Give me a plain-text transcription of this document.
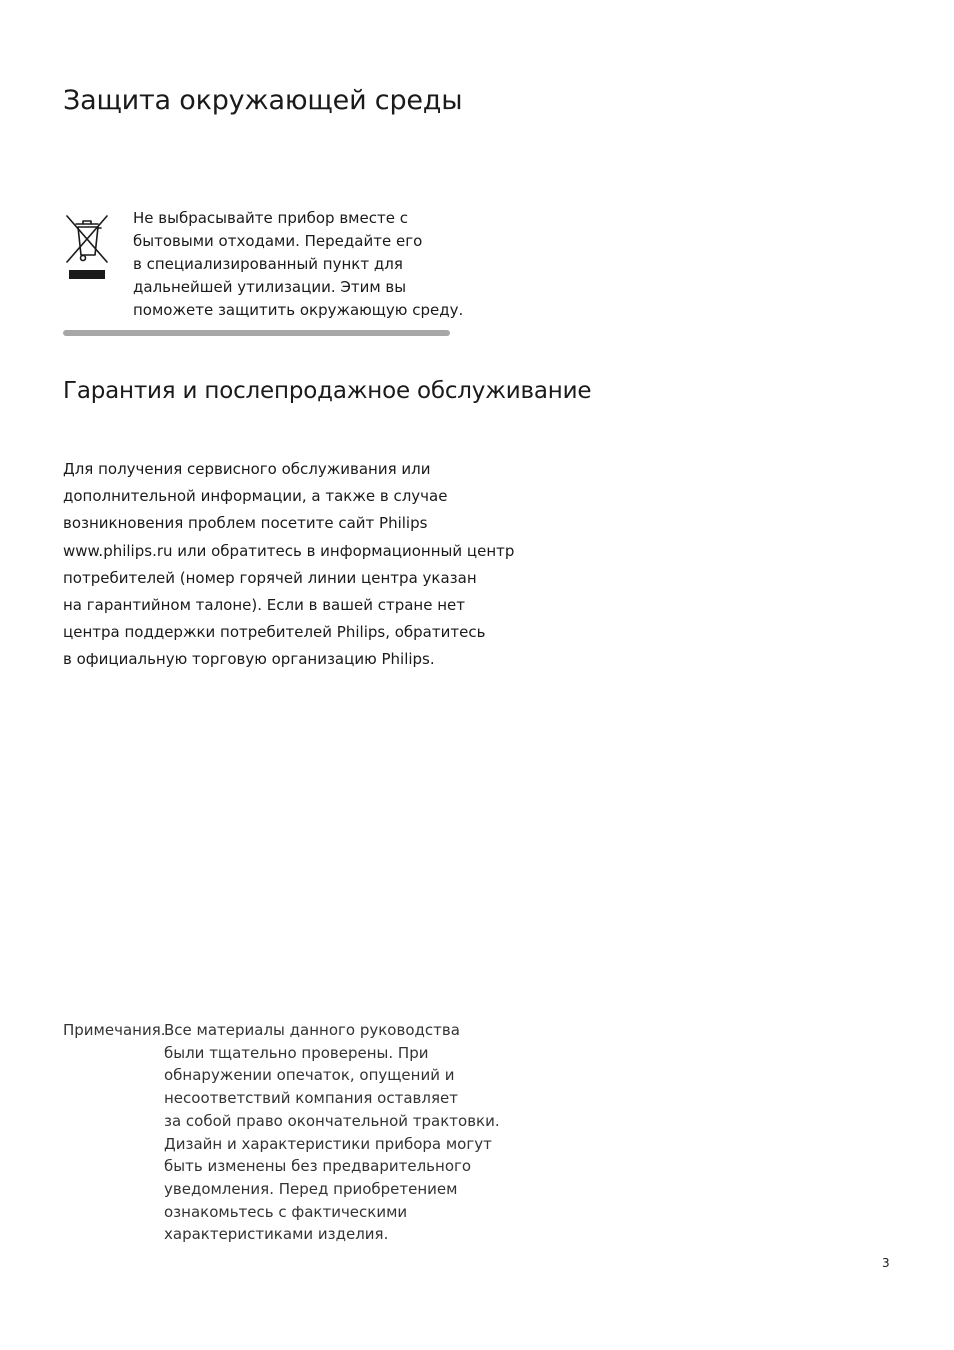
Защита окружающей среды
Не выбрасывайте прибор вместе с
бытовыми отходами. Передайте его
в специализированный пункт для
дальнейшей утилизации. Этим вы
поможете защитить окружающую среду.
Гарантия и послепродажное обслуживание
Для получения сервисного обслуживания или
дополнительной информации, а также в случае
возникновения проблем посетите сайт Philips
www.philips.ru или обратитесь в информационный центр
потребителей (номер горячей линии центра указан
на гарантийном талоне). Если в вашей стране нет
центра поддержки потребителей Philips, обратитесь
в официальную торговую организацию Philips.
Примечания.
Все материалы данного руководства
были тщательно проверены. При
обнаружении опечаток, опущений и
несоответствий компания оставляет
за собой право окончательной трактовки.
Дизайн и характеристики прибора могут
быть изменены без предварительного
уведомления. Перед приобретением
ознакомьтесь с фактическими
характеристиками изделия.
3
